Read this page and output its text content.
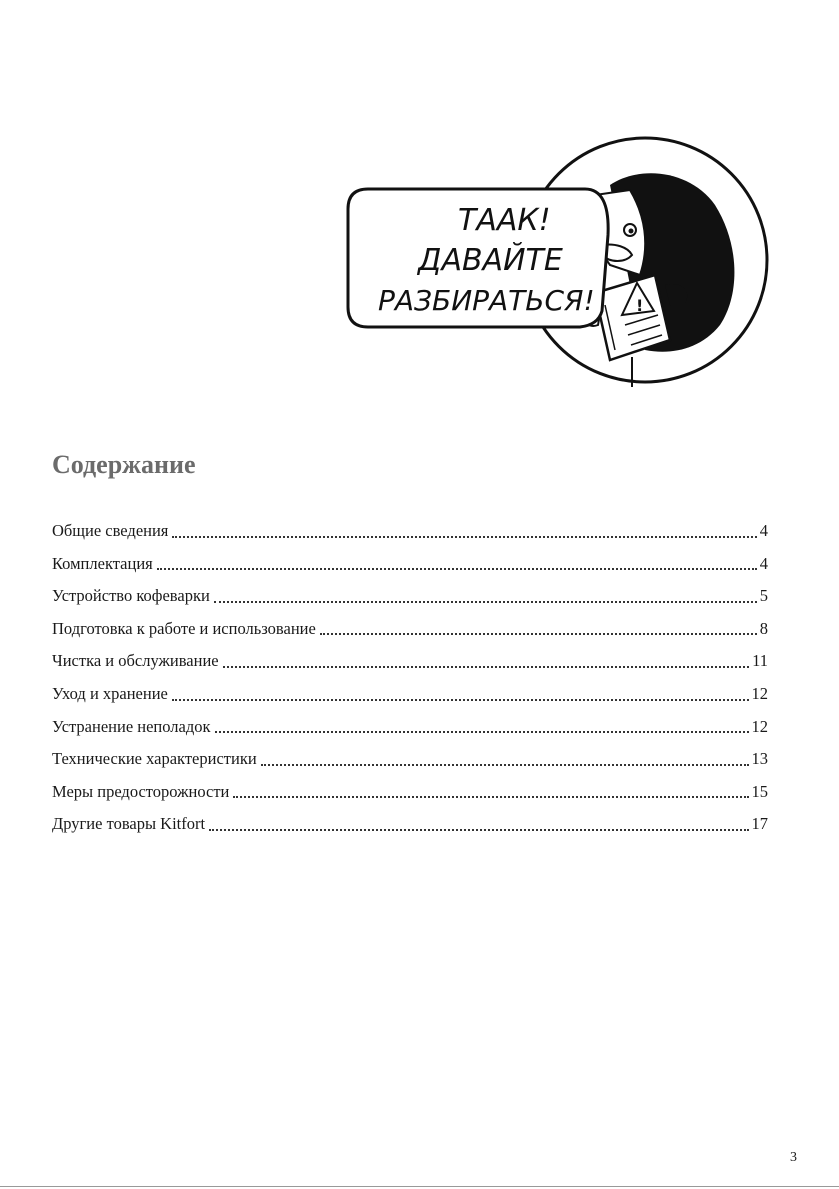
!
ТААК!
ДАВАЙТЕ
РАЗБИРАТЬСЯ!
Содержание
Общие сведения	4
Комплектация	4
Устройство кофеварки	5
Подготовка к работе и использование	8
Чистка и обслуживание	11
Уход и хранение	12
Устранение неполадок	12
Технические характеристики	13
Меры предосторожности	15
Другие товары Kitfort	17
3
